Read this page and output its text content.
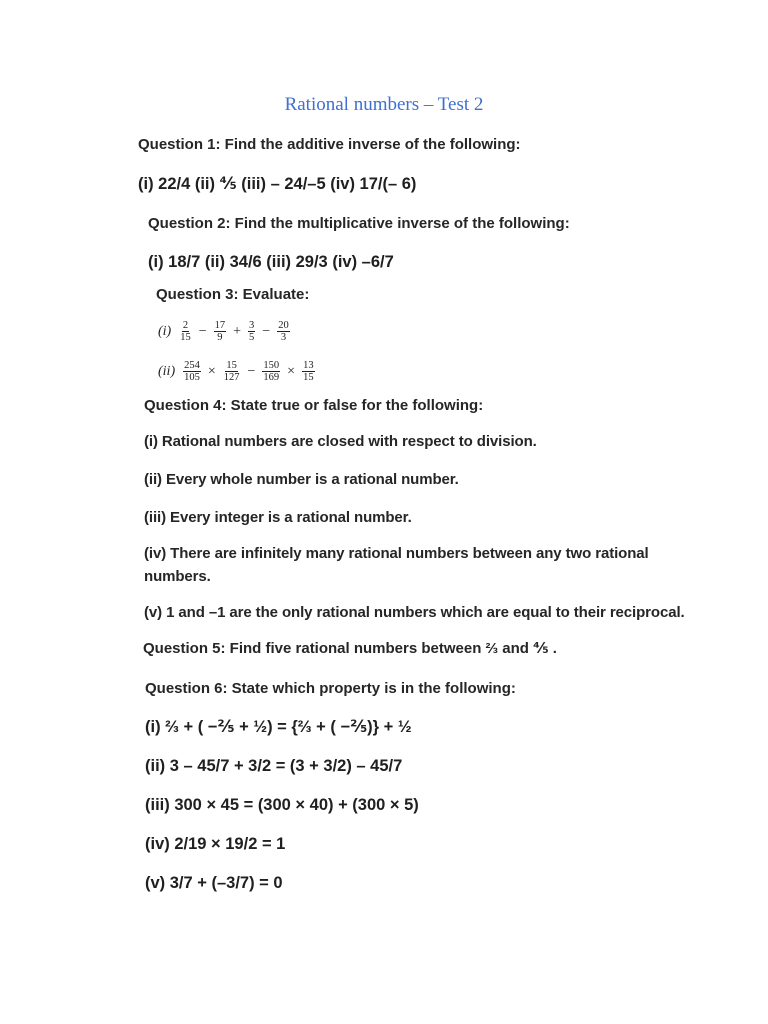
Rational numbers – Test 2
Question 1: Find the additive inverse of the following:
(i) 22/4 (ii) ⅘ (iii) – 24/–5 (iv) 17/(– 6)
Question 2: Find the multiplicative inverse of the following:
(i) 18/7 (ii) 34/6 (iii) 29/3 (iv) –6/7
Question 3: Evaluate:
$(i) \frac{2}{15} - \frac{17}{9} + \frac{3}{5} - \frac{20}{3}$
$(ii) \frac{254}{105} \times \frac{15}{127} - \frac{150}{169} \times \frac{13}{15}$
Question 4: State true or false for the following:
(i) Rational numbers are closed with respect to division.
(ii) Every whole number is a rational number.
(iii) Every integer is a rational number.
(iv) There are infinitely many rational numbers between any two rational
numbers.
(v) 1 and –1 are the only rational numbers which are equal to their reciprocal.
Question 5: Find five rational numbers between ⅔ and ⅘ .
Question 6: State which property is in the following:
(i) ⅔ + ( −⅖ + ½) = {⅔ + ( −⅖)} + ½
(ii) 3 – 45/7 + 3/2 = (3 + 3/2) – 45/7
(iii) 300 × 45 = (300 × 40) + (300 × 5)
(iv) 2/19 × 19/2 = 1
(v) 3/7 + (–3/7) = 0
